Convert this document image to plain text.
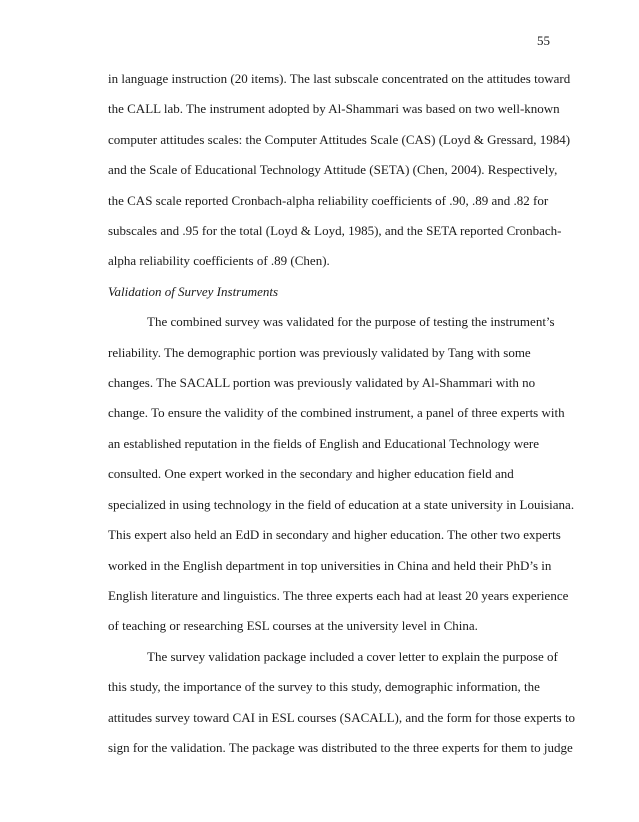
55
in language instruction (20 items). The last subscale concentrated on the attitudes toward
the CALL lab. The instrument adopted by Al-Shammari was based on two well-known
computer attitudes scales: the Computer Attitudes Scale (CAS) (Loyd & Gressard, 1984)
and the Scale of Educational Technology Attitude (SETA) (Chen, 2004). Respectively,
the CAS scale reported Cronbach-alpha reliability coefficients of .90, .89 and .82 for
subscales and .95 for the total (Loyd & Loyd, 1985), and the SETA reported Cronbach-
alpha reliability coefficients of .89 (Chen).
Validation of Survey Instruments
The combined survey was validated for the purpose of testing the instrument’s
reliability. The demographic portion was previously validated by Tang with some
changes. The SACALL portion was previously validated by Al-Shammari with no
change. To ensure the validity of the combined instrument, a panel of three experts with
an established reputation in the fields of English and Educational Technology were
consulted. One expert worked in the secondary and higher education field and
specialized in using technology in the field of education at a state university in Louisiana.
This expert also held an EdD in secondary and higher education. The other two experts
worked in the English department in top universities in China and held their PhD’s in
English literature and linguistics. The three experts each had at least 20 years experience
of teaching or researching ESL courses at the university level in China.
The survey validation package included a cover letter to explain the purpose of
this study, the importance of the survey to this study, demographic information, the
attitudes survey toward CAI in ESL courses (SACALL), and the form for those experts to
sign for the validation. The package was distributed to the three experts for them to judge
